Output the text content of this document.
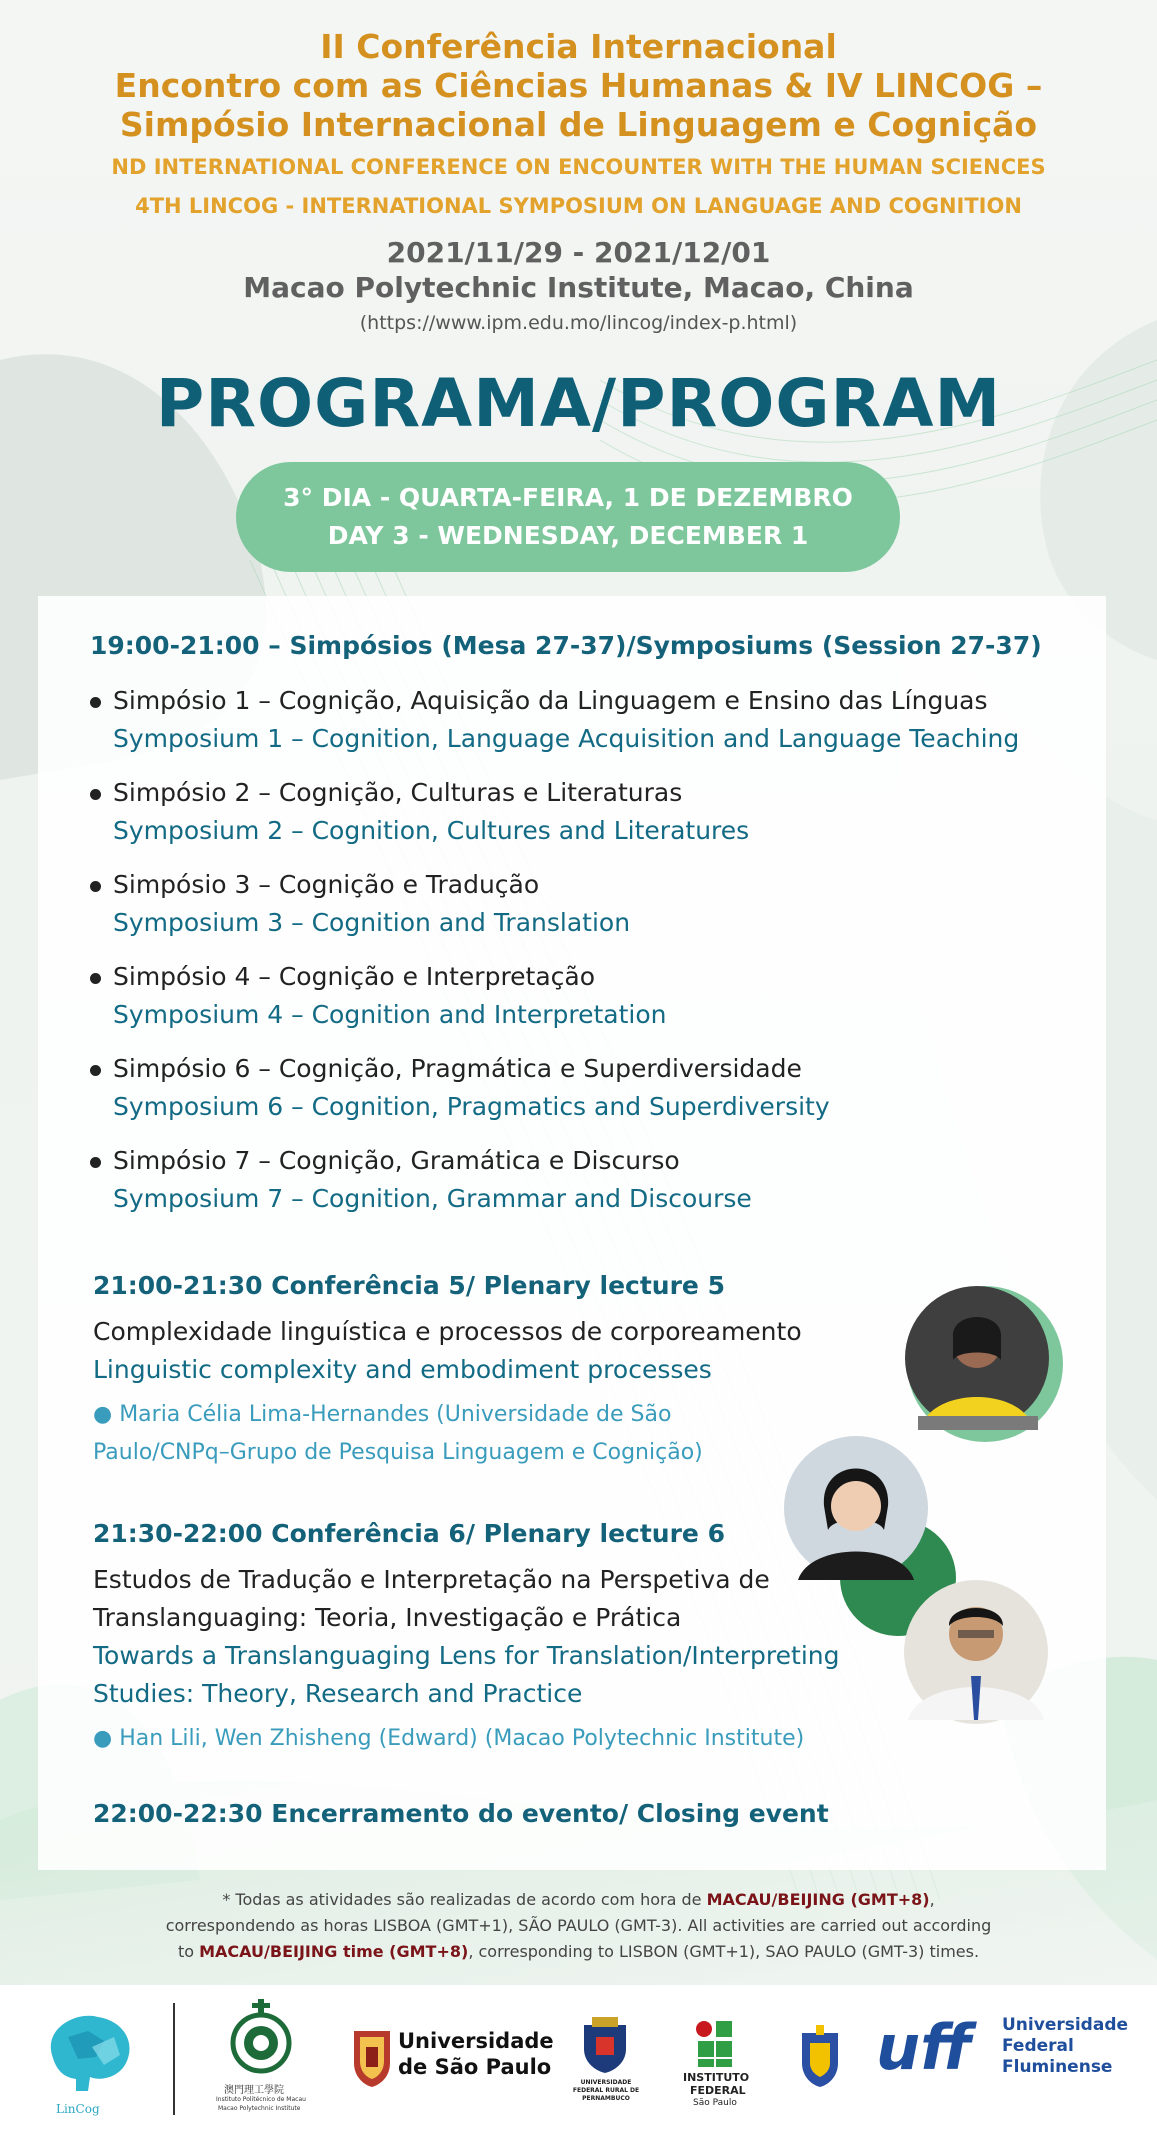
II Conferência Internacional
Encontro com as Ciências Humanas & IV LINCOG –
Simpósio Internacional de Linguagem e Cognição
ND INTERNATIONAL CONFERENCE ON ENCOUNTER WITH THE HUMAN SCIENCES
4TH LINCOG - INTERNATIONAL SYMPOSIUM ON LANGUAGE AND COGNITION
2021/11/29 - 2021/12/01
Macao Polytechnic Institute, Macao, China
(https://www.ipm.edu.mo/lincog/index-p.html)
PROGRAMA/PROGRAM
3° DIA - QUARTA-FEIRA, 1 DE DEZEMBRO
DAY 3 - WEDNESDAY, DECEMBER 1
19:00-21:00 – Simpósios (Mesa 27-37)/Symposiums (Session 27-37)
Simpósio 1 – Cognição, Aquisição da Linguagem e Ensino das Línguas
Symposium 1 – Cognition, Language Acquisition and Language Teaching
Simpósio 2 – Cognição, Culturas e Literaturas
Symposium 2 – Cognition, Cultures and Literatures
Simpósio 3 – Cognição e Tradução
Symposium 3 – Cognition and Translation
Simpósio 4 – Cognição e Interpretação
Symposium 4 – Cognition and Interpretation
Simpósio 6 – Cognição, Pragmática e Superdiversidade
Symposium 6 – Cognition, Pragmatics and Superdiversity
Simpósio 7 – Cognição, Gramática e Discurso
Symposium 7 – Cognition, Grammar and Discourse
21:00-21:30 Conferência 5/ Plenary lecture 5
Complexidade linguística e processos de corporeamento
Linguistic complexity and embodiment processes
● Maria Célia Lima-Hernandes (Universidade de São
Paulo/CNPq–Grupo de Pesquisa Linguagem e Cognição)
21:30-22:00 Conferência 6/ Plenary lecture 6
Estudos de Tradução e Interpretação na Perspetiva de
Translanguaging: Teoria, Investigação e Prática
Towards a Translanguaging Lens for Translation/Interpreting
Studies: Theory, Research and Practice
● Han Lili, Wen Zhisheng (Edward) (Macao Polytechnic Institute)
22:00-22:30 Encerramento do evento/ Closing event
* Todas as atividades são realizadas de acordo com hora de MACAU/BEIJING (GMT+8),
correspondendo as horas LISBOA (GMT+1), SÃO PAULO (GMT-3). All activities are carried out according
to MACAU/BEIJING time (GMT+8), corresponding to LISBON (GMT+1), SAO PAULO (GMT-3) times.
LinCog
澳門理工學院
Instituto Politécnico de Macau
Macao Polytechnic Institute
Universidade
de São Paulo
UNIVERSIDADE FEDERAL RURAL DE PERNAMBUCO
INSTITUTO
FEDERAL
São Paulo
uff Universidade
Federal
Fluminense
